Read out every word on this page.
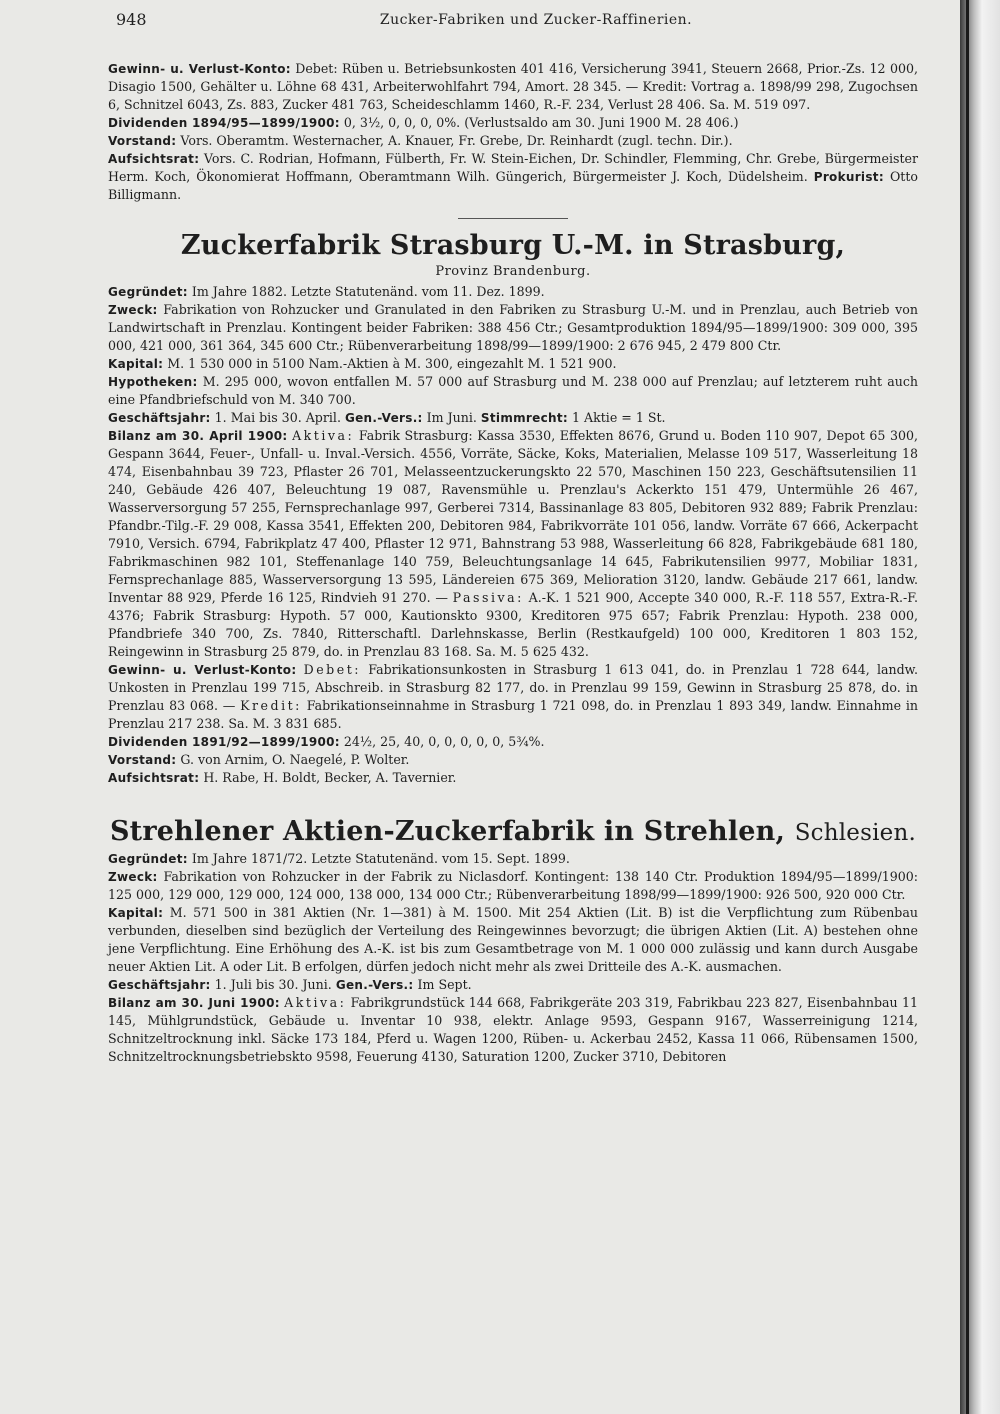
948	Zucker-Fabriken und Zucker-Raffinerien.

Gewinn- u. Verlust-Konto: Debet: Rüben u. Betriebsunkosten 401 416, Versicherung 3941, Steuern 2668, Prior.-Zs. 12 000, Disagio 1500, Gehälter u. Löhne 68 431, Arbeiterwohlfahrt 794, Amort. 28 345. — Kredit: Vortrag a. 1898/99 298, Zugochsen 6, Schnitzel 6043, Zs. 883, Zucker 481 763, Scheideschlamm 1460, R.-F. 234, Verlust 28 406. Sa. M. 519 097.

Dividenden 1894/95—1899/1900: 0, 3½, 0, 0, 0, 0%. (Verlustsaldo am 30. Juni 1900 M. 28 406.)

Vorstand: Vors. Oberamtm. Westernacher, A. Knauer, Fr. Grebe, Dr. Reinhardt (zugl. techn. Dir.).

Aufsichtsrat: Vors. C. Rodrian, Hofmann, Fülberth, Fr. W. Stein-Eichen, Dr. Schindler, Flemming, Chr. Grebe, Bürgermeister Herm. Koch, Ökonomierat Hoffmann, Oberamtmann Wilh. Güngerich, Bürgermeister J. Koch, Düdelsheim. Prokurist: Otto Billigmann.

Zuckerfabrik Strasburg U.-M. in Strasburg,

Provinz Brandenburg.

Gegründet: Im Jahre 1882. Letzte Statutenänd. vom 11. Dez. 1899.

Zweck: Fabrikation von Rohzucker und Granulated in den Fabriken zu Strasburg U.-M. und in Prenzlau, auch Betrieb von Landwirtschaft in Prenzlau. Kontingent beider Fabriken: 388 456 Ctr.; Gesamtproduktion 1894/95—1899/1900: 309 000, 395 000, 421 000, 361 364, 345 600 Ctr.; Rübenverarbeitung 1898/99—1899/1900: 2 676 945, 2 479 800 Ctr.

Kapital: M. 1 530 000 in 5100 Nam.-Aktien à M. 300, eingezahlt M. 1 521 900.

Hypotheken: M. 295 000, wovon entfallen M. 57 000 auf Strasburg und M. 238 000 auf Prenzlau; auf letzterem ruht auch eine Pfandbriefschuld von M. 340 700.

Geschäftsjahr: 1. Mai bis 30. April. Gen.-Vers.: Im Juni. Stimmrecht: 1 Aktie = 1 St.

Bilanz am 30. April 1900: Aktiva: Fabrik Strasburg: Kassa 3530, Effekten 8676, Grund u. Boden 110 907, Depot 65 300, Gespann 3644, Feuer-, Unfall- u. Inval.-Versich. 4556, Vorräte, Säcke, Koks, Materialien, Melasse 109 517, Wasserleitung 18 474, Eisenbahnbau 39 723, Pflaster 26 701, Melasseentzuckerungskto 22 570, Maschinen 150 223, Geschäftsutensilien 11 240, Gebäude 426 407, Beleuchtung 19 087, Ravensmühle u. Prenzlau's Ackerkto 151 479, Untermühle 26 467, Wasserversorgung 57 255, Fernsprechanlage 997, Gerberei 7314, Bassinanlage 83 805, Debitoren 932 889; Fabrik Prenzlau: Pfandbr.-Tilg.-F. 29 008, Kassa 3541, Effekten 200, Debitoren 984, Fabrikvorräte 101 056, landw. Vorräte 67 666, Ackerpacht 7910, Versich. 6794, Fabrikplatz 47 400, Pflaster 12 971, Bahnstrang 53 988, Wasserleitung 66 828, Fabrikgebäude 681 180, Fabrikmaschinen 982 101, Steffenanlage 140 759, Beleuchtungsanlage 14 645, Fabrikutensilien 9977, Mobiliar 1831, Fernsprechanlage 885, Wasserversorgung 13 595, Ländereien 675 369, Melioration 3120, landw. Gebäude 217 661, landw. Inventar 88 929, Pferde 16 125, Rindvieh 91 270. — Passiva: A.-K. 1 521 900, Accepte 340 000, R.-F. 118 557, Extra-R.-F. 4376; Fabrik Strasburg: Hypoth. 57 000, Kautionskto 9300, Kreditoren 975 657; Fabrik Prenzlau: Hypoth. 238 000, Pfandbriefe 340 700, Zs. 7840, Ritterschaftl. Darlehnskasse, Berlin (Restkaufgeld) 100 000, Kreditoren 1 803 152, Reingewinn in Strasburg 25 879, do. in Prenzlau 83 168. Sa. M. 5 625 432.

Gewinn- u. Verlust-Konto: Debet: Fabrikationsunkosten in Strasburg 1 613 041, do. in Prenzlau 1 728 644, landw. Unkosten in Prenzlau 199 715, Abschreib. in Strasburg 82 177, do. in Prenzlau 99 159, Gewinn in Strasburg 25 878, do. in Prenzlau 83 068. — Kredit: Fabrikationseinnahme in Strasburg 1 721 098, do. in Prenzlau 1 893 349, landw. Einnahme in Prenzlau 217 238. Sa. M. 3 831 685.

Dividenden 1891/92—1899/1900: 24½, 25, 40, 0, 0, 0, 0, 0, 5¾%.

Vorstand: G. von Arnim, O. Naegelé, P. Wolter.

Aufsichtsrat: H. Rabe, H. Boldt, Becker, A. Tavernier.

Strehlener Aktien-Zuckerfabrik in Strehlen, Schlesien.

Gegründet: Im Jahre 1871/72. Letzte Statutenänd. vom 15. Sept. 1899.

Zweck: Fabrikation von Rohzucker in der Fabrik zu Niclasdorf. Kontingent: 138 140 Ctr. Produktion 1894/95—1899/1900: 125 000, 129 000, 129 000, 124 000, 138 000, 134 000 Ctr.; Rübenverarbeitung 1898/99—1899/1900: 926 500, 920 000 Ctr.

Kapital: M. 571 500 in 381 Aktien (Nr. 1—381) à M. 1500. Mit 254 Aktien (Lit. B) ist die Verpflichtung zum Rübenbau verbunden, dieselben sind bezüglich der Verteilung des Reingewinnes bevorzugt; die übrigen Aktien (Lit. A) bestehen ohne jene Verpflichtung. Eine Erhöhung des A.-K. ist bis zum Gesamtbetrage von M. 1 000 000 zulässig und kann durch Ausgabe neuer Aktien Lit. A oder Lit. B erfolgen, dürfen jedoch nicht mehr als zwei Dritteile des A.-K. ausmachen.

Geschäftsjahr: 1. Juli bis 30. Juni. Gen.-Vers.: Im Sept.

Bilanz am 30. Juni 1900: Aktiva: Fabrikgrundstück 144 668, Fabrikgeräte 203 319, Fabrikbau 223 827, Eisenbahnbau 11 145, Mühlgrundstück, Gebäude u. Inventar 10 938, elektr. Anlage 9593, Gespann 9167, Wasserreinigung 1214, Schnitzeltrocknung inkl. Säcke 173 184, Pferd u. Wagen 1200, Rüben- u. Ackerbau 2452, Kassa 11 066, Rübensamen 1500, Schnitzeltrocknungsbetriebskto 9598, Feuerung 4130, Saturation 1200, Zucker 3710, Debitoren
